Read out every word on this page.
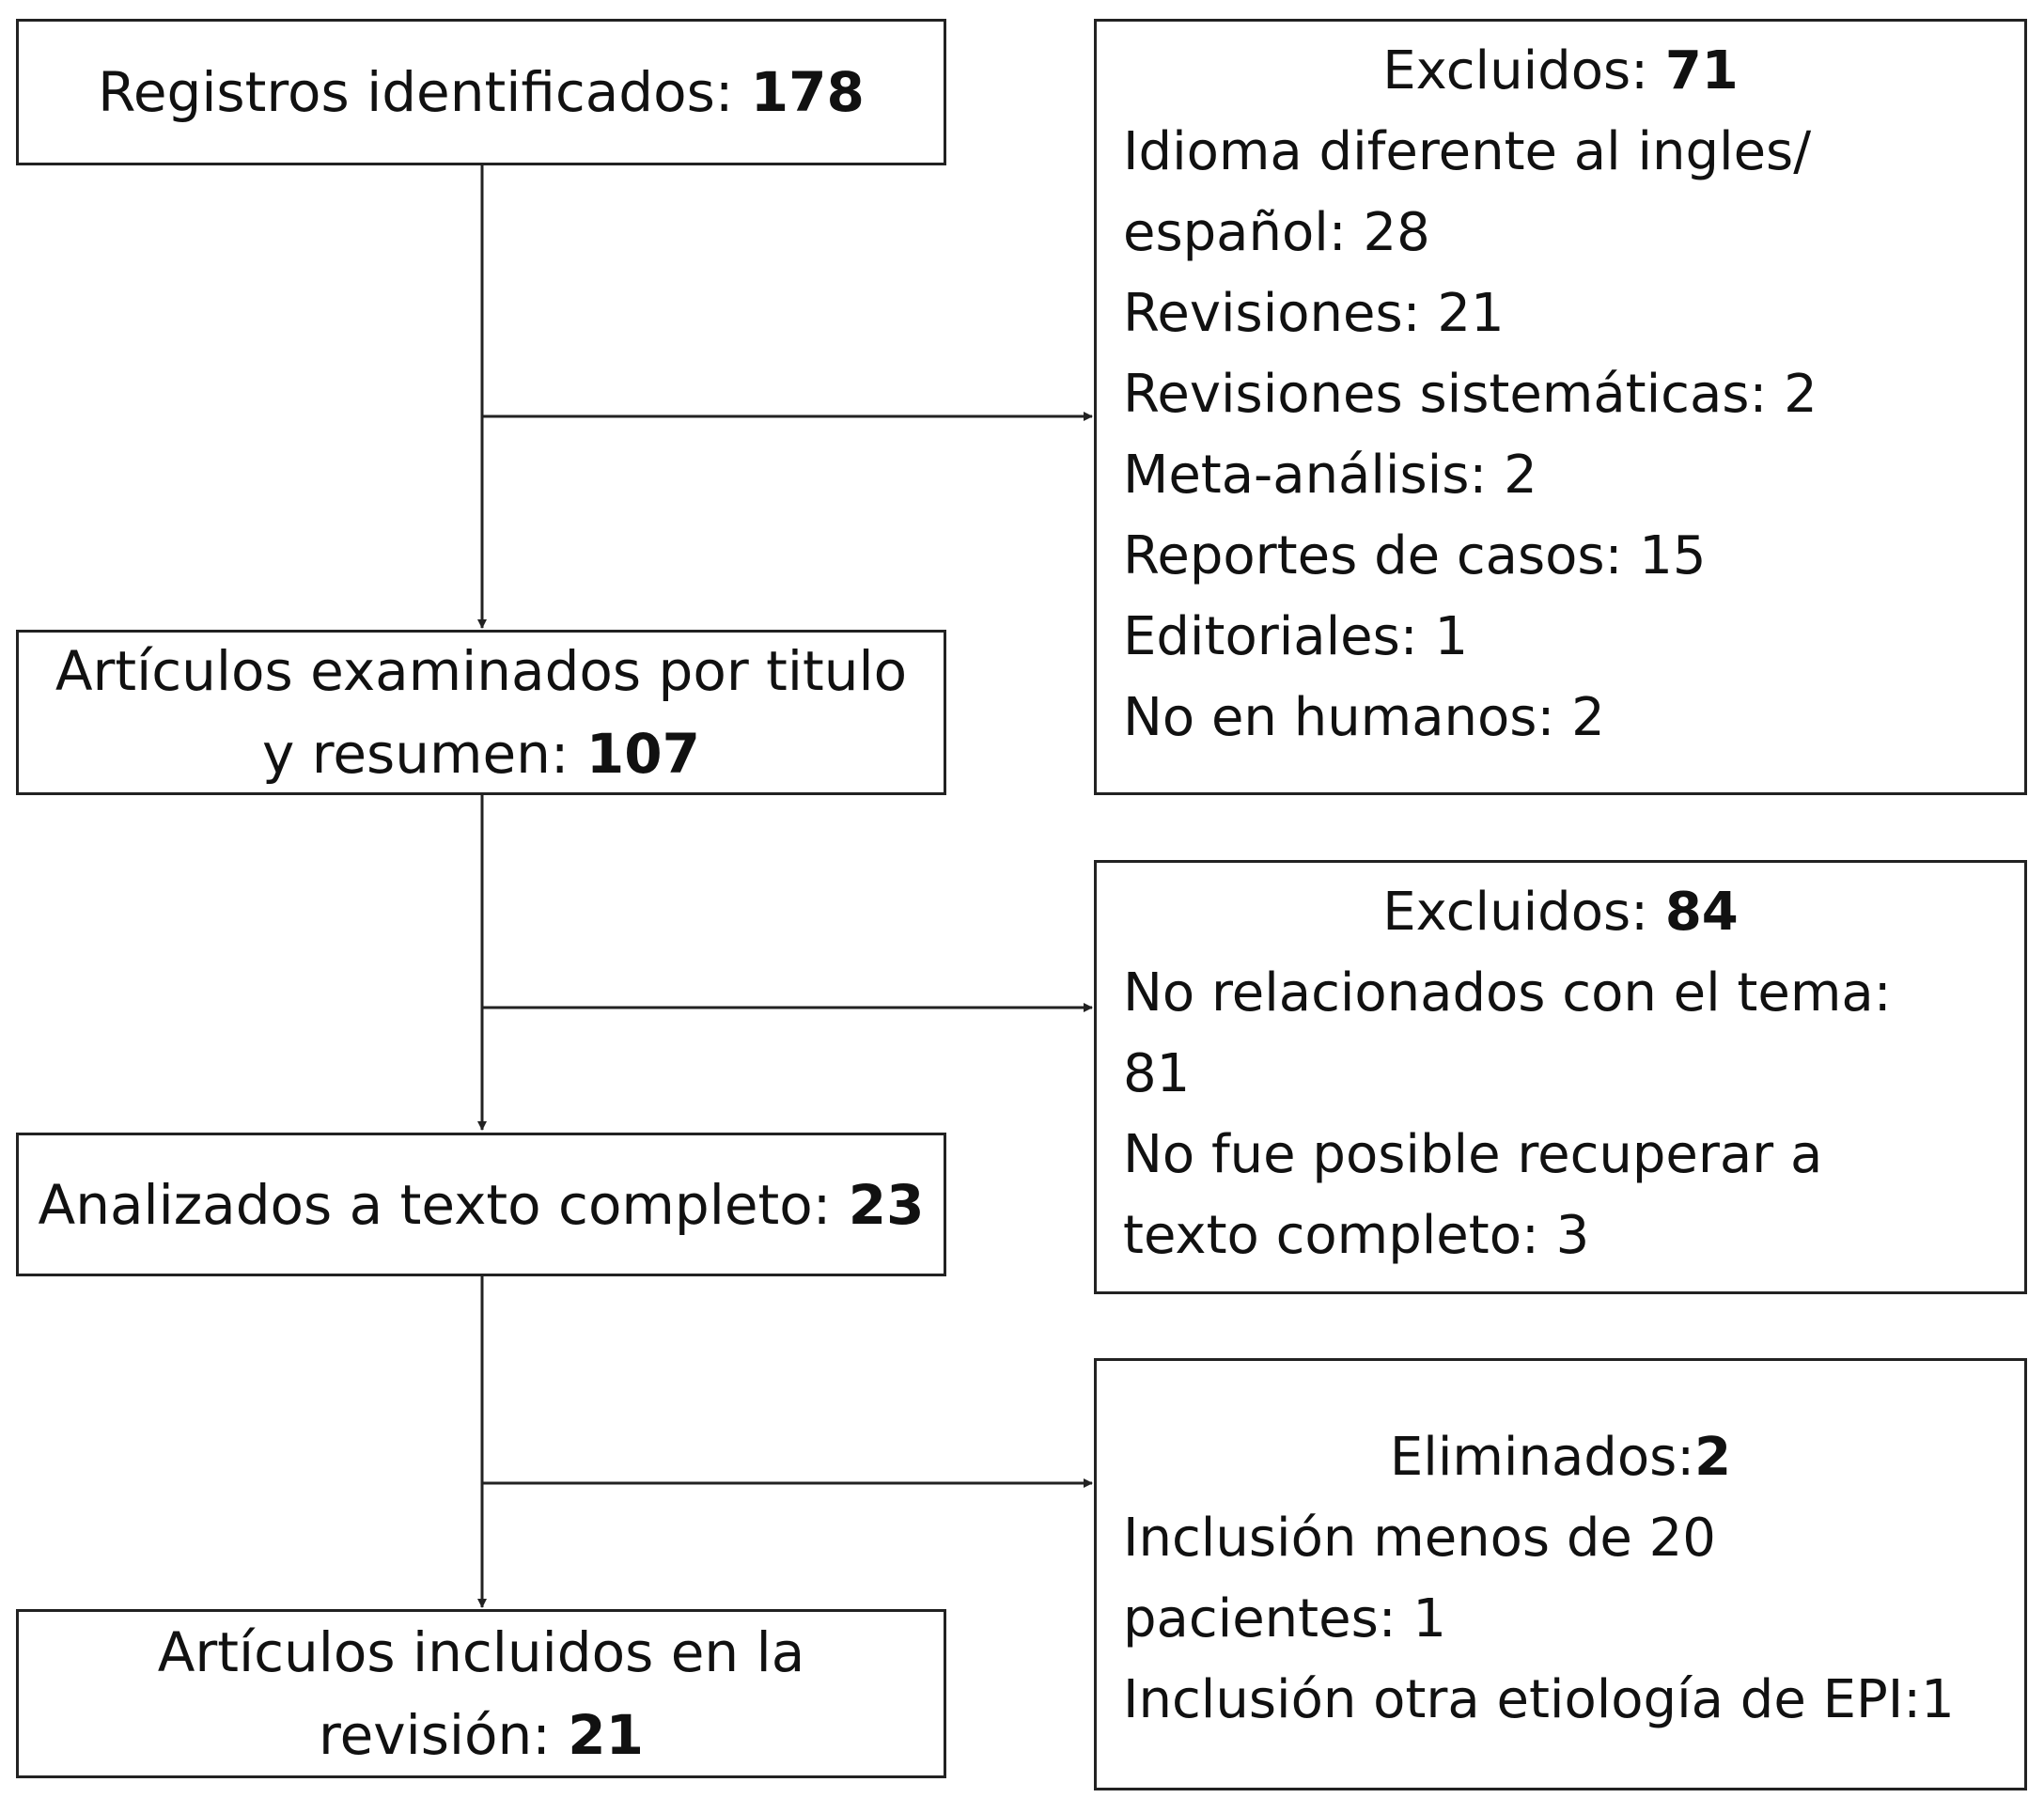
Registros identificados: 178
Artículos examinados por titulo
y resumen: 107
Analizados a texto completo: 23
Artículos incluidos en la
revisión: 21
Excluidos: 71
Idioma diferente al ingles/
español: 28
Revisiones: 21
Revisiones sistemáticas: 2
Meta-análisis: 2
Reportes de casos: 15
Editoriales: 1
No en humanos: 2
Excluidos: 84
No relacionados con el tema:
81
No fue posible recuperar a
texto completo: 3
Eliminados:2
Inclusión menos de 20
pacientes: 1
Inclusión otra etiología de EPI:1
